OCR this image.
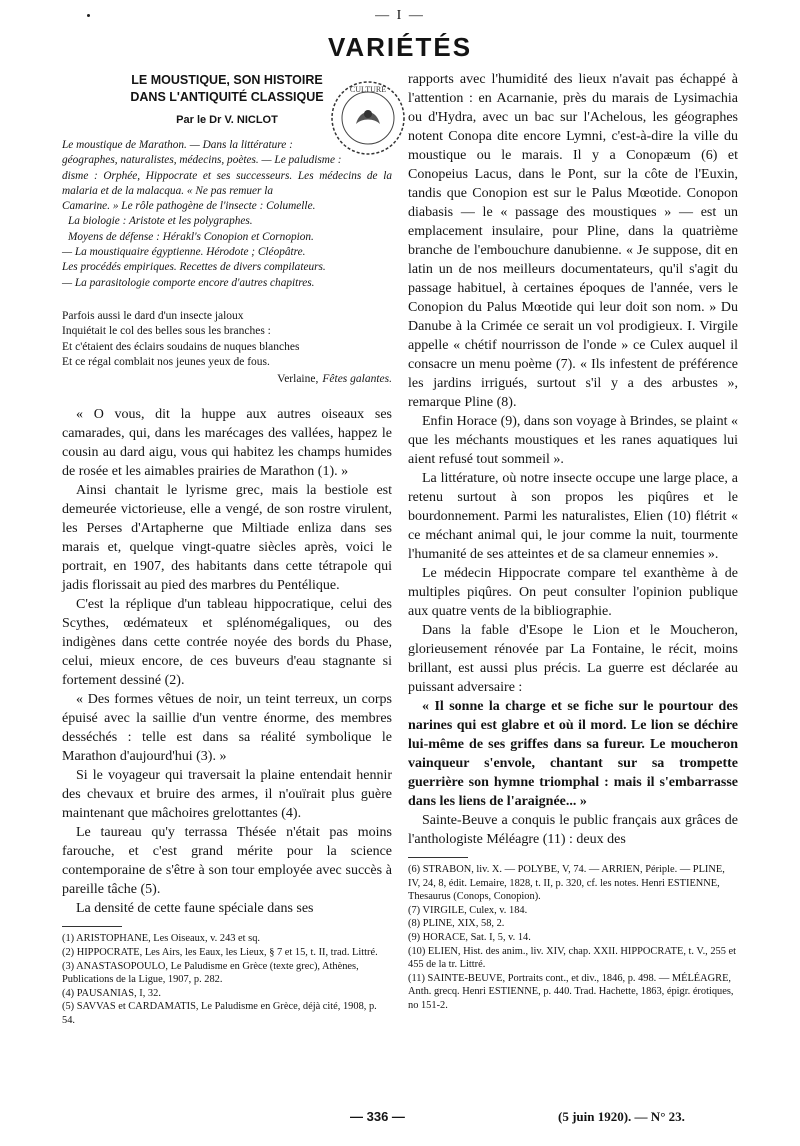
— I —
VARIÉTÉS
CULTURE
LE MOUSTIQUE, SON HISTOIRE
DANS L'ANTIQUITÉ CLASSIQUE
Par le Dr V. NICLOT
Le moustique de Marathon. — Dans la littérature :
géographes, naturalistes, médecins, poètes. — Le paludisme :
disme : Orphée, Hippocrate et ses successeurs. Les médecins de la malaria et de la malacqua. « Ne pas remuer la
Camarine. » Le rôle pathogène de l'insecte : Columelle.
La biologie : Aristote et les polygraphes.
Moyens de défense : Hérakl's Conopion et Cornopion.
— La moustiquaire égyptienne. Hérodote ; Cléopâtre.
Les procédés empiriques. Recettes de divers compilateurs.
— La parasitologie comporte encore d'autres chapitres.
Parfois aussi le dard d'un insecte jaloux
Inquiétait le col des belles sous les branches :
Et c'étaient des éclairs soudains de nuques blanches
Et ce régal comblait nos jeunes yeux de fous.
Verlaine, Fêtes galantes.

« O vous, dit la huppe aux autres oiseaux ses camarades, qui, dans les marécages des vallées, happez le cousin au dard aigu, vous qui habitez les champs humides de rosée et les aimables prairies de Marathon (1). »

Ainsi chantait le lyrisme grec, mais la bestiole est demeurée victorieuse, elle a vengé, de son rostre virulent, les Perses d'Artapherne que Miltiade enliza dans ses marais et, quelque vingt-quatre siècles après, voici le portrait, en 1907, des habitants dans cette tétrapole qui jadis florissait au pied des marbres du Pentélique.

C'est la réplique d'un tableau hippocratique, celui des Scythes, œdémateux et splénomégaliques, ou des indigènes dans cette contrée noyée des bords du Phase, celui, mieux encore, de ces buveurs d'eau stagnante si fortement dessiné (2).

« Des formes vêtues de noir, un teint terreux, un corps épuisé avec la saillie d'un ventre énorme, des membres desséchés : telle est dans sa réalité symbolique le Marathon d'aujourd'hui (3). »

Si le voyageur qui traversait la plaine entendait hennir des chevaux et bruire des armes, il n'ouïrait plus guère maintenant que mâchoires grelottantes (4).

Le taureau qu'y terrassa Thésée n'était pas moins farouche, et c'est grand mérite pour la science contemporaine de s'être à son tour employée avec succès à pareille tâche (5).

La densité de cette faune spéciale dans ses

(1) ARISTOPHANE, Les Oiseaux, v. 243 et sq.
(2) HIPPOCRATE, Les Airs, les Eaux, les Lieux, § 7 et 15, t. II, trad. Littré.
(3) ANASTASOPOULO, Le Paludisme en Grèce (texte grec), Athènes, Publications de la Ligue, 1907, p. 282.
(4) PAUSANIAS, I, 32.
(5) SAVVAS et CARDAMATIS, Le Paludisme en Grèce, déjà cité, 1908, p. 54.

rapports avec l'humidité des lieux n'avait pas échappé à l'attention : en Acarnanie, près du marais de Lysimachia ou d'Hydra, avec un bac sur l'Achelous, les géographes notent Conopa dite encore Lymni, c'est-à-dire la ville du moustique ou le marais. Il y a Conopæum (6) et Conopeius Lacus, dans le Pont, sur la côte de l'Euxin, tandis que Conopion est sur le Palus Mœotide. Conopon diabasis — le « passage des moustiques » — est un emplacement insulaire, pour Pline, dans la quatrième branche de l'embouchure danubienne. « Je suppose, dit en latin un de nos meilleurs documentateurs, qu'il s'agit du passage habituel, à certaines époques de l'année, vers le Conopion du Palus Mœotide qui leur doit son nom. » Du Danube à la Crimée ce serait un vol prodigieux. I. Virgile appelle « chétif nourrisson de l'onde » ce Culex auquel il consacre un menu poème (7). « Ils infestent de préférence les jardins irrigués, surtout s'il y a des arbustes », remarque Pline (8).

Enfin Horace (9), dans son voyage à Brindes, se plaint « que les méchants moustiques et les ranes aquatiques lui aient refusé tout sommeil ».

La littérature, où notre insecte occupe une large place, a retenu surtout à son propos les piqûres et le bourdonnement. Parmi les naturalistes, Elien (10) flétrit « ce méchant animal qui, le jour comme la nuit, tourmente l'humanité de ses atteintes et de sa clameur ennemies ».

Le médecin Hippocrate compare tel exanthème à de multiples piqûres. On peut consulter l'opinion publique aux quatre vents de la bibliographie.

Dans la fable d'Esope le Lion et le Moucheron, glorieusement rénovée par La Fontaine, le récit, moins brillant, est aussi plus précis. La guerre est déclarée au puissant adversaire :

« Il sonne la charge et se fiche sur le pourtour des narines qui est glabre et où il mord. Le lion se déchire lui-même de ses griffes dans sa fureur. Le moucheron vainqueur s'envole, chantant sur sa trompette guerrière son hymne triomphal : mais il s'embarrasse dans les liens de l'araignée... »

Sainte-Beuve a conquis le public français aux grâces de l'anthologiste Méléagre (11) : deux des

(6) STRABON, liv. X. — POLYBE, V, 74. — ARRIEN, Périple. — PLINE, IV, 24, 8, édit. Lemaire, 1828, t. II, p. 320, cf. les notes. Henri ESTIENNE, Thesaurus (Conops, Conopion).
(7) VIRGILE, Culex, v. 184.
(8) PLINE, XIX, 58, 2.
(9) HORACE, Sat. I, 5, v. 14.
(10) ELIEN, Hist. des anim., liv. XIV, chap. XXII. HIPPOCRATE, t. V., 255 et 455 de la tr. Littré.
(11) SAINTE-BEUVE, Portraits cont., et div., 1846, p. 498. — MÉLÉAGRE, Anth. grecq. Henri ESTIENNE, p. 440. Trad. Hachette, 1863, épigr. érotiques, no 151-2.
— 336 —	(5 juin 1920). — N° 23.
